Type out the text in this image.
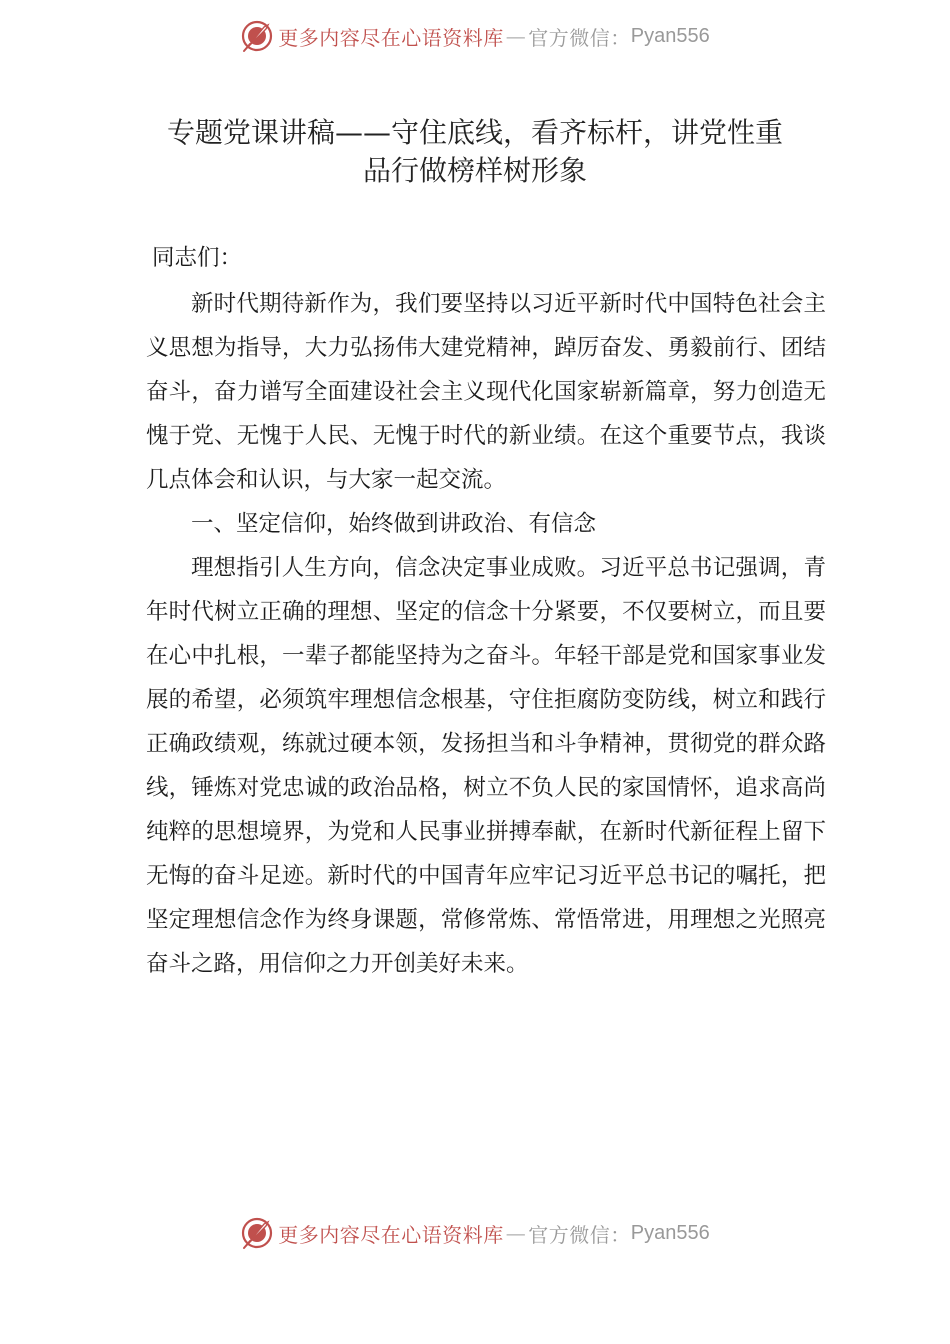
更多内容尽在心语资料库 — 官方微信： Pyan556
专题党课讲稿——守住底线，看齐标杆，讲党性重
品行做榜样树形象

同志们：

新时代期待新作为，我们要坚持以习近平新时代中国特色社会主义思想为指导，大力弘扬伟大建党精神，踔厉奋发、勇毅前行、团结奋斗，奋力谱写全面建设社会主义现代化国家崭新篇章，努力创造无愧于党、无愧于人民、无愧于时代的新业绩。在这个重要节点，我谈几点体会和认识，与大家一起交流。

一、坚定信仰，始终做到讲政治、有信念

理想指引人生方向，信念决定事业成败。习近平总书记强调，青年时代树立正确的理想、坚定的信念十分紧要，不仅要树立，而且要在心中扎根，一辈子都能坚持为之奋斗。年轻干部是党和国家事业发展的希望，必须筑牢理想信念根基，守住拒腐防变防线，树立和践行正确政绩观，练就过硬本领，发扬担当和斗争精神，贯彻党的群众路线，锤炼对党忠诚的政治品格，树立不负人民的家国情怀，追求高尚纯粹的思想境界，为党和人民事业拼搏奉献，在新时代新征程上留下无悔的奋斗足迹。新时代的中国青年应牢记习近平总书记的嘱托，把坚定理想信念作为终身课题，常修常炼、常悟常进，用理想之光照亮奋斗之路，用信仰之力开创美好未来。

更多内容尽在心语资料库 — 官方微信： Pyan556
